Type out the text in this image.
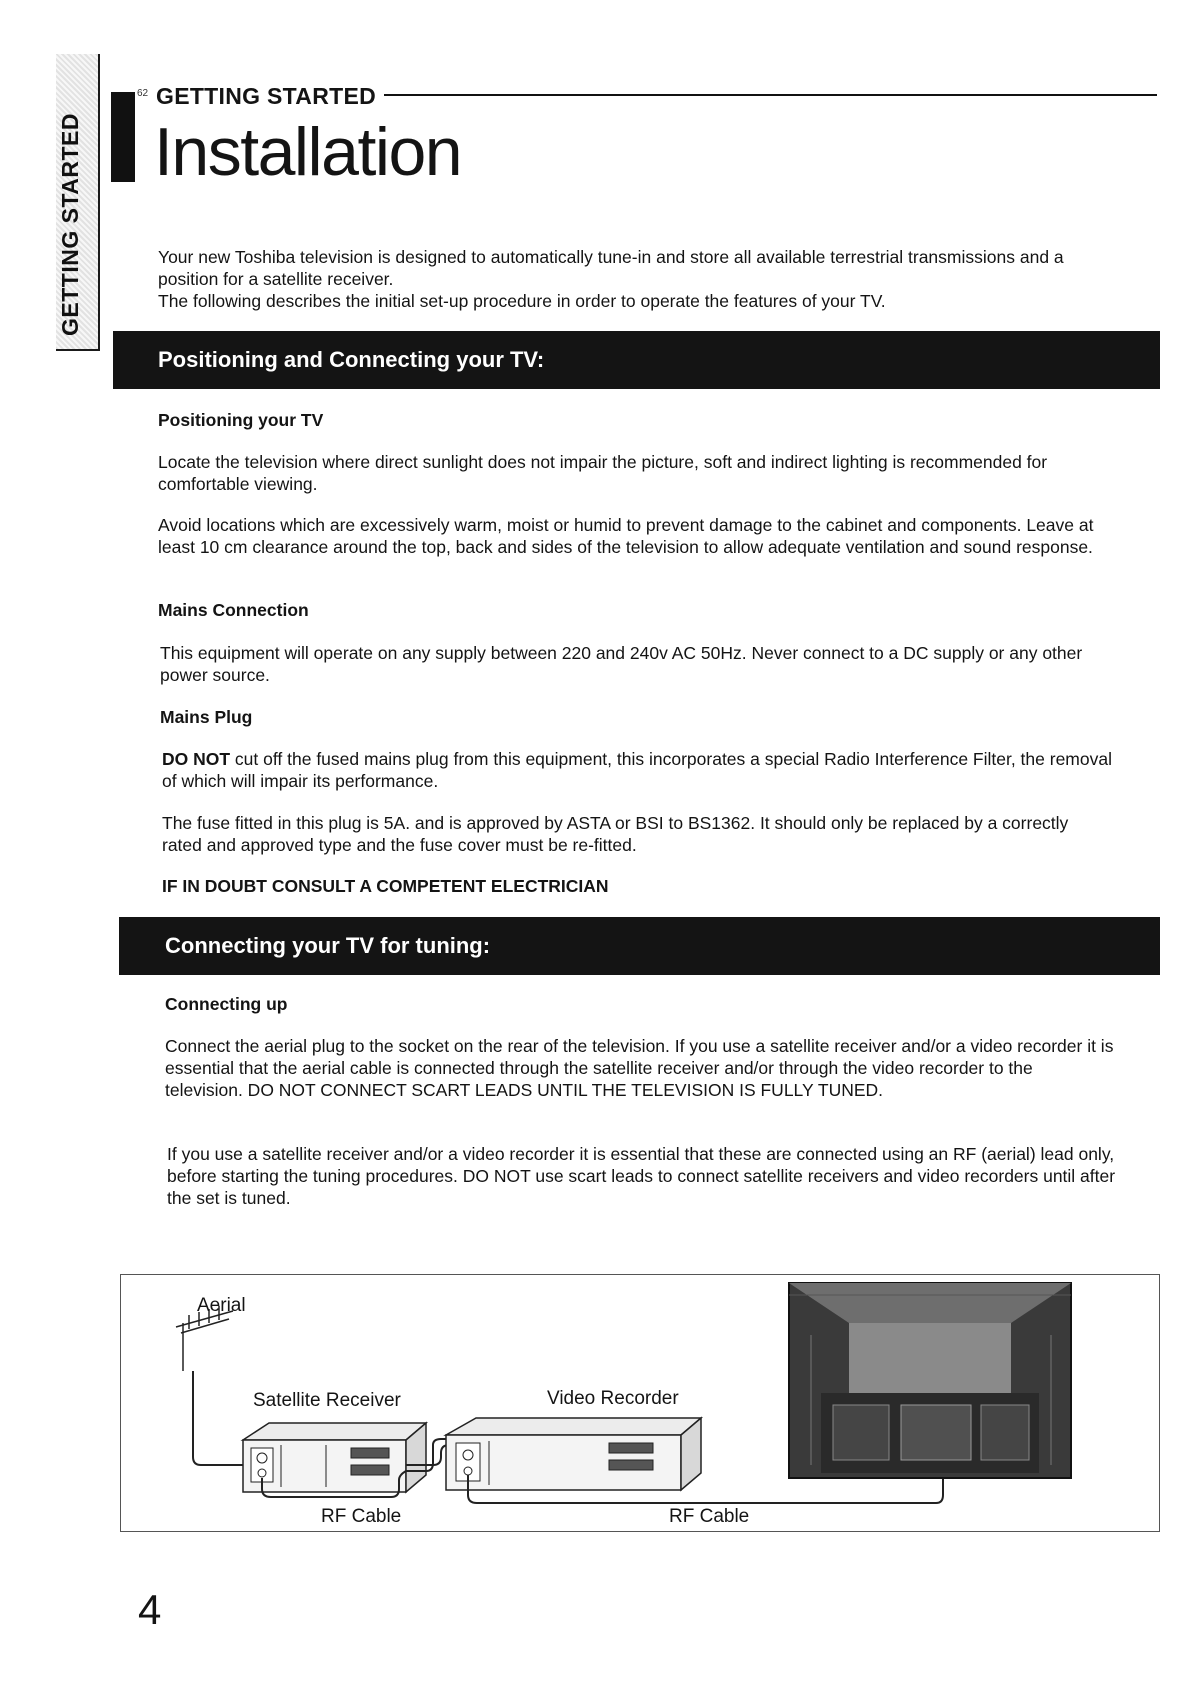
GETTING STARTED
62 GETTING STARTED
Installation
Your new Toshiba television is designed to automatically tune-in and store all available terrestrial transmissions and a position for a satellite receiver.
The following describes the initial set-up procedure in order to operate the features of your TV.
Positioning and Connecting your TV:
Positioning your TV
Locate the television where direct sunlight does not impair the picture, soft and indirect lighting is recommended for comfortable viewing.
Avoid locations which are excessively warm, moist or humid to prevent damage to the cabinet and components. Leave at least 10 cm clearance around the top, back and sides of the television to allow adequate ventilation and sound response.
Mains Connection
This equipment will operate on any supply between 220 and 240v AC 50Hz. Never connect to a DC supply or any other power source.
Mains Plug
DO NOT cut off the fused mains plug from this equipment, this incorporates a special Radio Interference Filter, the removal of which will impair its performance.
The fuse fitted in this plug is 5A. and is approved by ASTA or BSI to BS1362. It should only be replaced by a correctly rated and approved type and the fuse cover must be re-fitted.
IF IN DOUBT CONSULT A COMPETENT ELECTRICIAN
Connecting your TV for tuning:
Connecting up
Connect the aerial plug to the socket on the rear of the television. If you use a satellite receiver and/or a video recorder it is essential that the aerial cable is connected through the satellite receiver and/or through the video recorder to the television. DO NOT CONNECT SCART LEADS UNTIL THE TELEVISION IS FULLY TUNED.
If you use a satellite receiver and/or a video recorder it is essential that these are connected using an RF (aerial) lead only, before starting the tuning procedures. DO NOT use scart leads to connect satellite receivers and video recorders until after the set is tuned.
Aerial
Satellite Receiver	Video Recorder
RF Cable	RF Cable
4
